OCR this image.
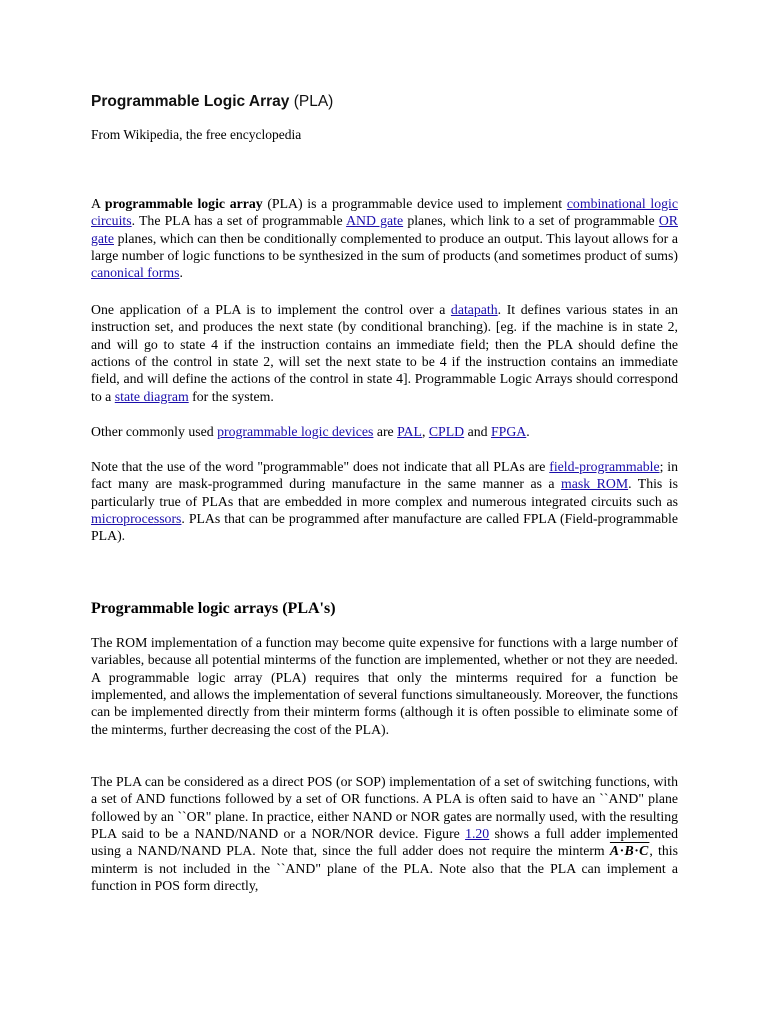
Programmable Logic Array (PLA)
From Wikipedia, the free encyclopedia

A programmable logic array (PLA) is a programmable device used to implement combinational logic circuits. The PLA has a set of programmable AND gate planes, which link to a set of programmable OR gate planes, which can then be conditionally complemented to produce an output. This layout allows for a large number of logic functions to be synthesized in the sum of products (and sometimes product of sums) canonical forms.

One application of a PLA is to implement the control over a datapath. It defines various states in an instruction set, and produces the next state (by conditional branching). [eg. if the machine is in state 2, and will go to state 4 if the instruction contains an immediate field; then the PLA should define the actions of the control in state 2, will set the next state to be 4 if the instruction contains an immediate field, and will define the actions of the control in state 4]. Programmable Logic Arrays should correspond to a state diagram for the system.

Other commonly used programmable logic devices are PAL, CPLD and FPGA.

Note that the use of the word "programmable" does not indicate that all PLAs are field-programmable; in fact many are mask-programmed during manufacture in the same manner as a mask ROM. This is particularly true of PLAs that are embedded in more complex and numerous integrated circuits such as microprocessors. PLAs that can be programmed after manufacture are called FPLA (Field-programmable PLA).

Programmable logic arrays (PLA's)

The ROM implementation of a function may become quite expensive for functions with a large number of variables, because all potential minterms of the function are implemented, whether or not they are needed. A programmable logic array (PLA) requires that only the minterms required for a function be implemented, and allows the implementation of several functions simultaneously. Moreover, the functions can be implemented directly from their minterm forms (although it is often possible to eliminate some of the minterms, further decreasing the cost of the PLA).

The PLA can be considered as a direct POS (or SOP) implementation of a set of switching functions, with a set of AND functions followed by a set of OR functions. A PLA is often said to have an ``AND" plane followed by an ``OR" plane. In practice, either NAND or NOR gates are normally used, with the resulting PLA said to be a NAND/NAND or a NOR/NOR device. Figure 1.20 shows a full adder implemented using a NAND/NAND PLA. Note that, since the full adder does not require the minterm A·B·C, this minterm is not included in the ``AND" plane of the PLA. Note also that the PLA can implement a function in POS form directly,
